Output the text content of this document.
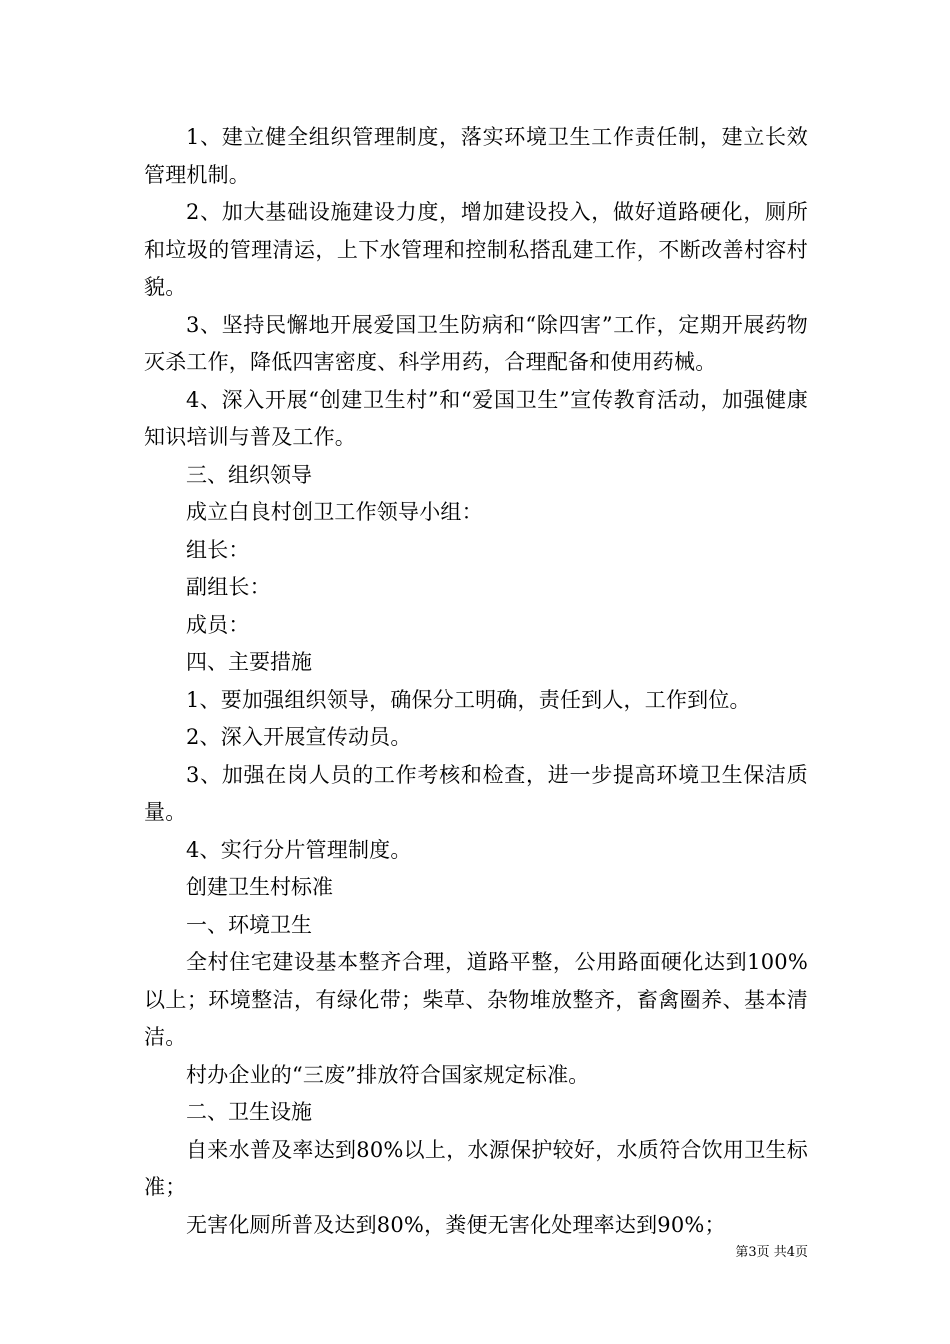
1、建立健全组织管理制度，落实环境卫生工作责任制，建立长效管理机制。

2、加大基础设施建设力度，增加建设投入，做好道路硬化，厕所和垃圾的管理清运，上下水管理和控制私搭乱建工作，不断改善村容村貌。

3、坚持民懈地开展爱国卫生防病和“除四害”工作，定期开展药物灭杀工作，降低四害密度、科学用药，合理配备和使用药械。

4、深入开展“创建卫生村”和“爱国卫生”宣传教育活动，加强健康知识培训与普及工作。

三、组织领导

成立白良村创卫工作领导小组：

组长：

副组长：

成员：

四、主要措施

1、要加强组织领导，确保分工明确，责任到人，工作到位。

2、深入开展宣传动员。

3、加强在岗人员的工作考核和检查，进一步提高环境卫生保洁质量。

4、实行分片管理制度。

创建卫生村标准

一、环境卫生

全村住宅建设基本整齐合理，道路平整，公用路面硬化达到100%以上；环境整洁，有绿化带；柴草、杂物堆放整齐，畜禽圈养、基本清洁。

村办企业的“三废”排放符合国家规定标准。

二、卫生设施

自来水普及率达到80%以上，水源保护较好，水质符合饮用卫生标准；

无害化厕所普及达到80%，粪便无害化处理率达到90%；

第3页 共4页
